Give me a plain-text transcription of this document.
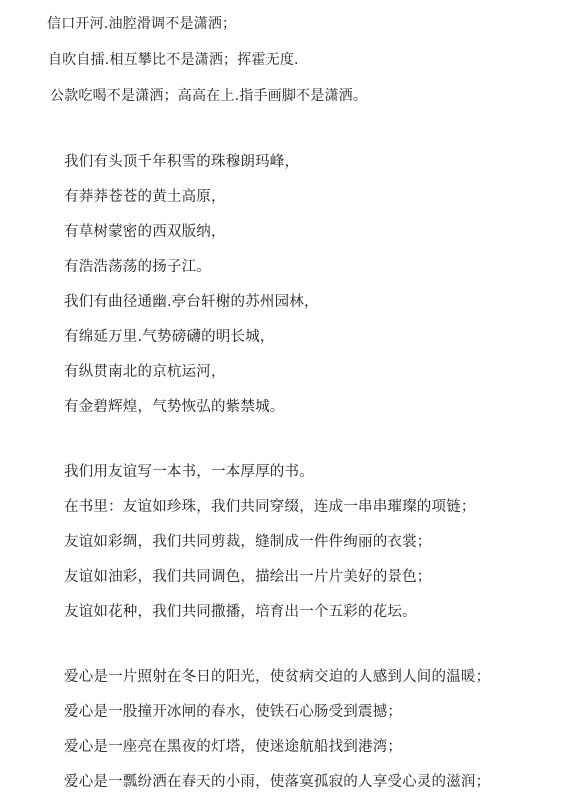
信口开河.油腔滑调不是潇洒；
自吹自擂.相互攀比不是潇洒；挥霍无度.
公款吃喝不是潇洒；高高在上.指手画脚不是潇洒。
我们有头顶千年积雪的珠穆朗玛峰，
有莽莽苍苍的黄土高原，
有草树蒙密的西双版纳，
有浩浩荡荡的扬子江。
我们有曲径通幽.亭台轩榭的苏州园林，
有绵延万里.气势磅礴的明长城，
有纵贯南北的京杭运河，
有金碧辉煌，气势恢弘的紫禁城。
我们用友谊写一本书，一本厚厚的书。
在书里：友谊如珍珠，我们共同穿缀，连成一串串璀璨的项链；
友谊如彩绸，我们共同剪裁，缝制成一件件绚丽的衣裳；
友谊如油彩，我们共同调色，描绘出一片片美好的景色；
友谊如花种，我们共同撒播，培育出一个五彩的花坛。
爱心是一片照射在冬日的阳光，使贫病交迫的人感到人间的温暖；
爱心是一股撞开冰闸的春水，使铁石心肠受到震撼；
爱心是一座亮在黑夜的灯塔，使迷途航船找到港湾；
爱心是一瓢纷洒在春天的小雨，使落寞孤寂的人享受心灵的滋润；
